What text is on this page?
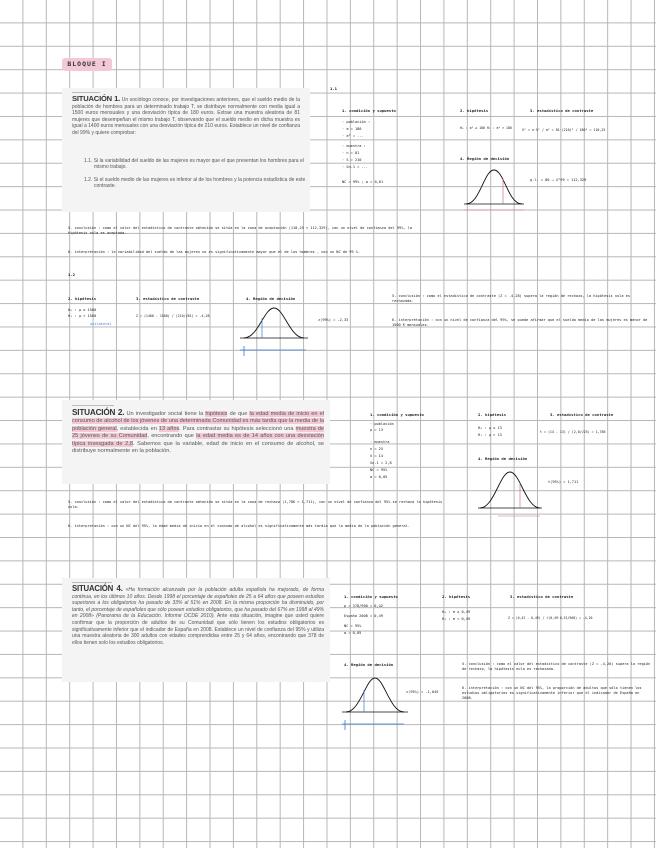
BLOQUE I
SITUACIÓN 1. Un sociólogo conoce, por investigaciones anteriores, que el sueldo medio de la población de hombres para un determinado trabajo T, se distribuye normalmente con media igual a 1500 euros mensuales y una desviación típica de 180 euros. Extrae una muestra aleatoria de 81 mujeres que desempeñan el mismo trabajo T, observando que el sueldo medio en dicha muestra es igual a 1400 euros mensuales con una desviación típica de 210 euros. Establece un nivel de confianza del 99% y quiere comprobar:
1.1. Si la variabilidad del sueldo de las mujeres es mayor que el que presentan los hombres para el mismo trabajo.
1.2. Si el sueldo medio de las mujeres es inferior al de los hombres y la potencia estadística de este contraste.
1.1
1. condición y supuesto
· población :
· σ = 180
· σ² = ...
· muestra :
· n = 81
· S = 210
· Sn-1 = ...
NC = 99% ; α = 0,01
2. hipótesis
H₀ : σ² ≤ 180 H₁ : σ² > 180
3. estadístico de contraste
X² = n·S² / σ² = 81·(210)² / 180² = 110,25
4. Región de decisión
g.l. = 80 → X²99 = 112,329
5. conclusión : como el valor del estadístico de contraste obtenido se sitúa en la zona de aceptación (110,25 < 112,329), con un nivel de confianza del 99%, la hipótesis nula es aceptada.
6. interpretación : la variabilidad del sueldo de las mujeres no es significativamente mayor que el de los hombres , con un NC de 99 %.
1.2
2. hipótesis
H₀ : μ ≥ 1500
H₁ : μ < 1500
unilateral
3. estadístico de contraste
Z = (1400 - 1500) / (210/√81) = -4,28
4. Región de decisión
z(99%) = -2,33
5. conclusión : como el estadístico de contraste (Z = -4,28) supera la región de rechazo, la hipótesis nula es rechazada.
6. interpretación : con un nivel de confianza del 99%, se puede afirmar que el sueldo medio de las mujeres es menor de 1500 € mensuales.
SITUACIÓN 2. Un investigador social tiene la hipótesis de que la edad media de inicio en el consumo de alcohol de los jóvenes de una determinada Comunidad es más tardía que la media de la población general, establecida en 13 años. Para contrastar su hipótesis seleccionó una muestra de 25 jóvenes de su Comunidad, encontrando que la edad media es de 14 años con una desviación típica insesgada de 2,8. Sabemos que la variable, edad de inicio en el consumo de alcohol, se distribuye normalmente en la población.
1. condición y supuesto
· población
μ = 13
· muestra
n = 25
x̄ = 14
Sn-1 = 2,8
NC = 95%
α = 0,05
2. hipótesis
H₀ : μ ≤ 13
H₁ : μ > 13
3. estadístico de contraste
t = (14 - 13) / (2,8/√25) = 1,786
4. Región de decisión
t(95%) = 1,711
5. conclusión : como el valor del estadístico de contraste obtenido se sitúa en la zona de rechazo (1,786 > 1,711), con un nivel de confianza del 95% se rechaza la hipótesis nula.
6. interpretación : con un NC del 95%, la edad media de inicio en el consumo de alcohol es significativamente más tardía que la media de la población general.
SITUACIÓN 4. «Ha formación alcanzada por la población adulta española ha mejorado, de forma continua, en los últimos 10 años. Desde 1998 el porcentaje de españoles de 25 a 64 años que poseen estudios superiores a los obligatorios ha pasado de 33% al 51% en 2008. En la misma proporción ha disminuido, por tanto, el porcentaje de españoles que sólo poseen estudios obligatorios, que ha pasado del 67% en 1998 al 49% en 2008» (Panorama de la Educación. Informe OCDE 2010). Ante esta situación, imagine que usted quiere confirmar que la proporción de adultos de su Comunidad que sólo tienen los estudios obligatorios es significativamente inferior que el indicador de España en 2008. Establece un nivel de confianza del 95% y utiliza una muestra aleatoria de 300 adultos con edades comprendidas entre 25 y 64 años, encontrando que 378 de ellos tienen solo los estudios obligatorios.
1. condición y supuesto
p = 378/900 = 0,42
España 2008 = 0,49
NC = 95%
α = 0,05
2. hipótesis
H₀ : π ≥ 0,49
H₁ : π < 0,49
3. estadístico de contraste
Z = (0,42 - 0,49) / √(0,49·0,51/900) = -4,20
4. Región de decisión
z(95%) = -1,645
5. conclusión : como el valor del estadístico de contraste (Z = -4,20) supera la región de rechazo, la hipótesis nula es rechazada.
6. interpretación : con un NC del 95%, la proporción de adultos que sólo tienen los estudios obligatorios es significativamente inferior que el indicador de España en 2008.
